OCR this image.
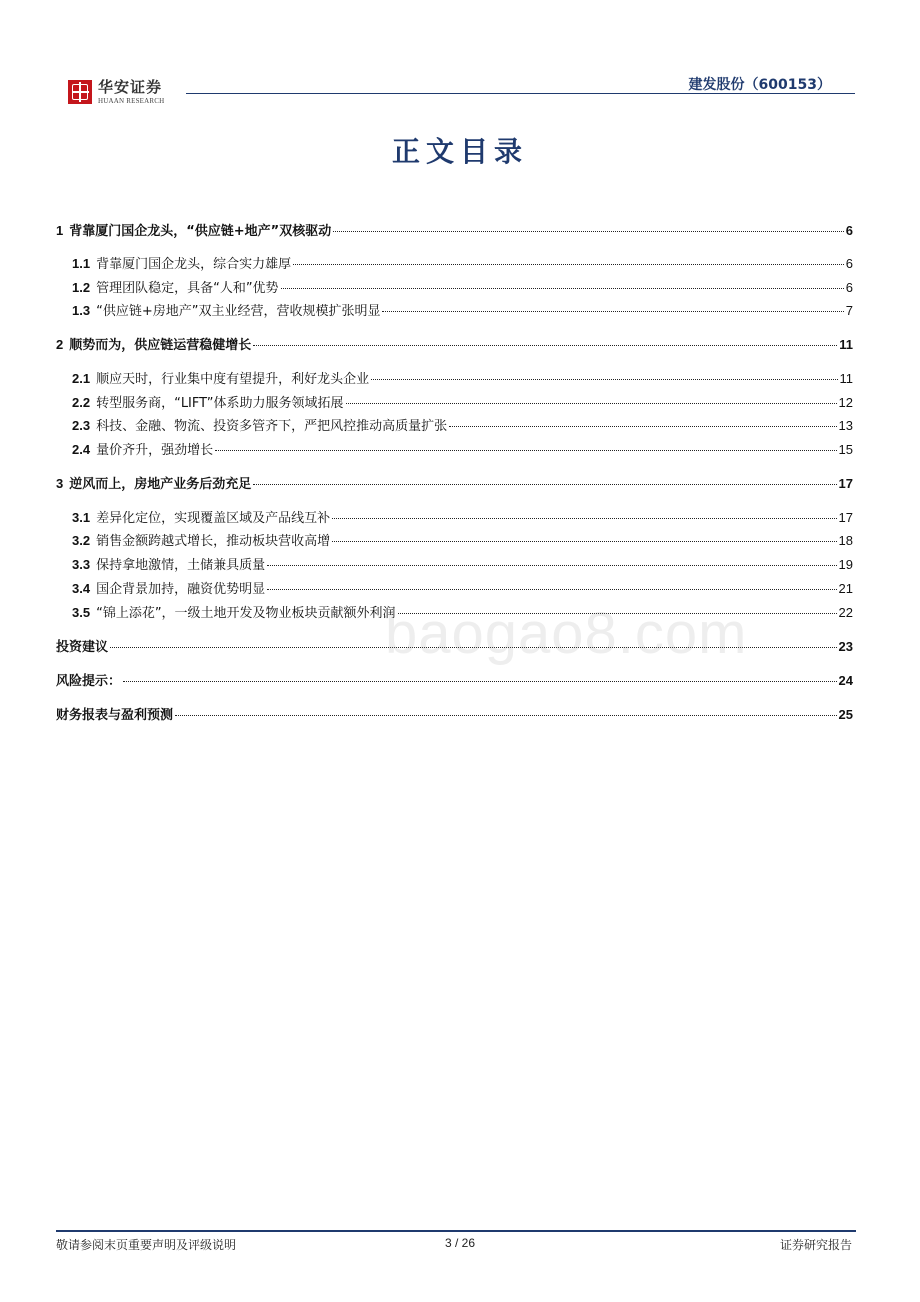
华安证券
HUAAN RESEARCH
建发股份（600153）
正文目录
1 背靠厦门国企龙头，“供应链+地产”双核驱动	6
1.1 背靠厦门国企龙头，综合实力雄厚	6
1.2 管理团队稳定，具备“人和”优势	6
1.3 “供应链+房地产”双主业经营，营收规模扩张明显	7
2 顺势而为，供应链运营稳健增长	11
2.1 顺应天时，行业集中度有望提升，利好龙头企业	11
2.2 转型服务商，“LIFT”体系助力服务领域拓展	12
2.3 科技、金融、物流、投资多管齐下，严把风控推动高质量扩张	13
2.4 量价齐升，强劲增长	15
3 逆风而上，房地产业务后劲充足	17
3.1 差异化定位，实现覆盖区域及产品线互补	17
3.2 销售金额跨越式增长，推动板块营收高增	18
3.3 保持拿地激情，土储兼具质量	19
3.4 国企背景加持，融资优势明显	21
3.5 “锦上添花”，一级土地开发及物业板块贡献额外利润	22
投资建议	23
风险提示：	24
财务报表与盈利预测	25
baogao8.com
敬请参阅末页重要声明及评级说明	3 / 26	证券研究报告
